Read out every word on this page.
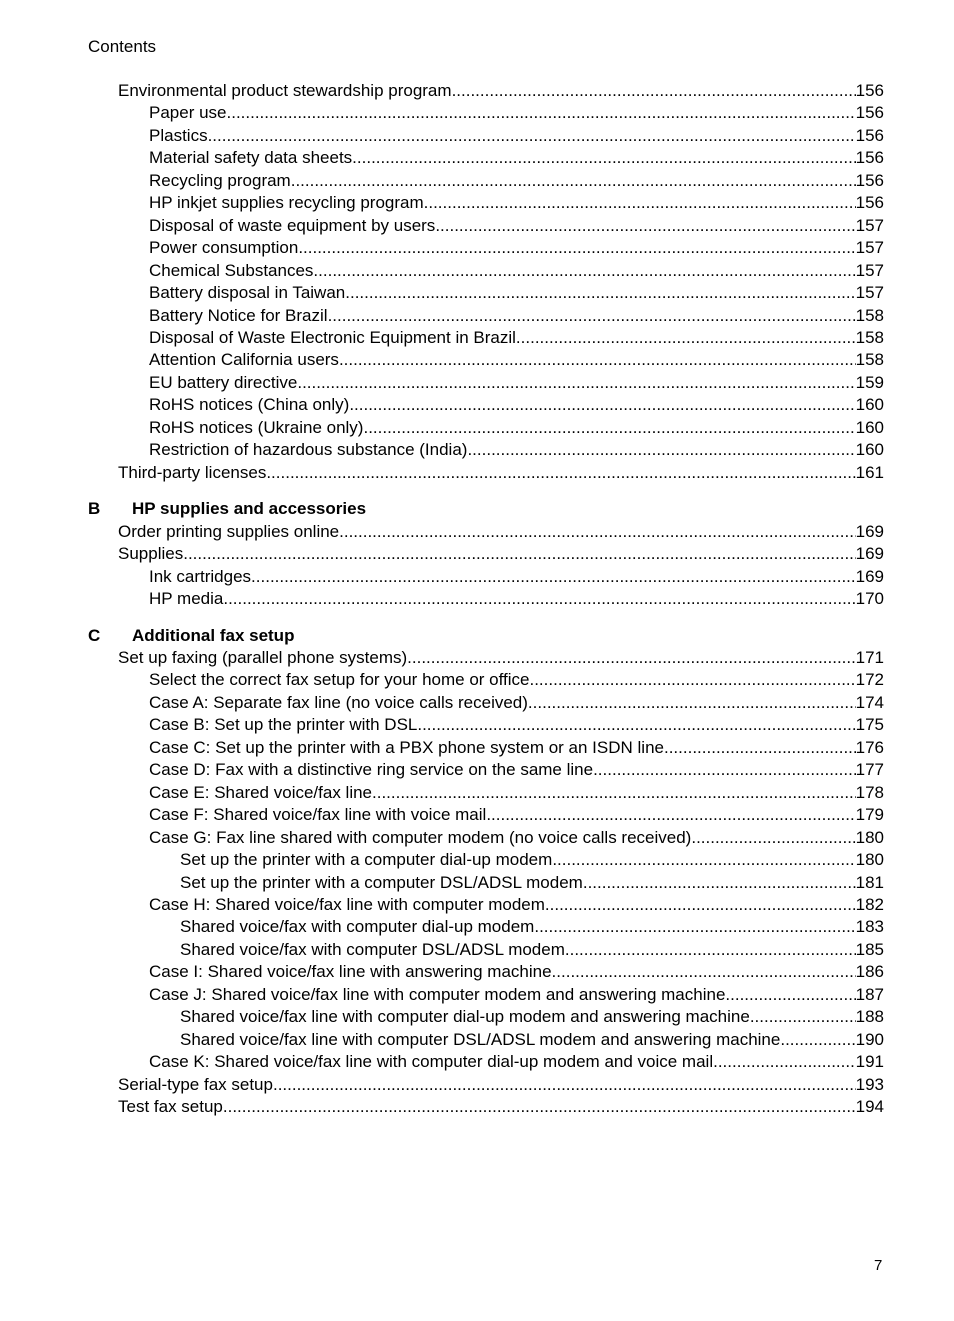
Contents
Environmental product stewardship program .....	156
Paper use .....	156
Plastics .....	156
Material safety data sheets .....	156
Recycling program .....	156
HP inkjet supplies recycling program .....	156
Disposal of waste equipment by users .....	157
Power consumption .....	157
Chemical Substances .....	157
Battery disposal in Taiwan .....	157
Battery Notice for Brazil .....	158
Disposal of Waste Electronic Equipment in Brazil .....	158
Attention California users .....	158
EU battery directive .....	159
RoHS notices (China only) .....	160
RoHS notices (Ukraine only) .....	160
Restriction of hazardous substance (India) .....	160
Third-party licenses .....	161
B HP supplies and accessories
Order printing supplies online .....	169
Supplies .....	169
Ink cartridges .....	169
HP media .....	170
C Additional fax setup
Set up faxing (parallel phone systems) .....	171
Select the correct fax setup for your home or office .....	172
Case A: Separate fax line (no voice calls received) .....	174
Case B: Set up the printer with DSL .....	175
Case C: Set up the printer with a PBX phone system or an ISDN line .....	176
Case D: Fax with a distinctive ring service on the same line .....	177
Case E: Shared voice/fax line .....	178
Case F: Shared voice/fax line with voice mail .....	179
Case G: Fax line shared with computer modem (no voice calls received) .....	180
Set up the printer with a computer dial-up modem .....	180
Set up the printer with a computer DSL/ADSL modem .....	181
Case H: Shared voice/fax line with computer modem .....	182
Shared voice/fax with computer dial-up modem .....	183
Shared voice/fax with computer DSL/ADSL modem .....	185
Case I: Shared voice/fax line with answering machine .....	186
Case J: Shared voice/fax line with computer modem and answering machine .....	187
Shared voice/fax line with computer dial-up modem and answering machine .....	188
Shared voice/fax line with computer DSL/ADSL modem and answering machine .....	190
Case K: Shared voice/fax line with computer dial-up modem and voice mail .....	191
Serial-type fax setup .....	193
Test fax setup .....	194
7
